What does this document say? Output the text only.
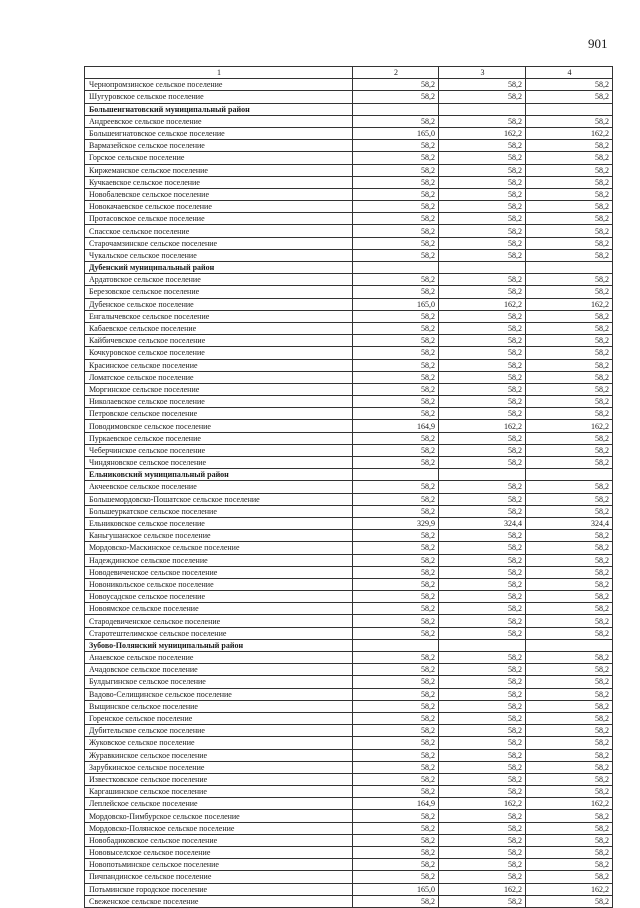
901
1	2	3	4
Чернопромзинское сельское поселение	58,2	58,2	58,2
Шугуровское сельское поселение	58,2	58,2	58,2
Большеигнатовский муниципальный район			
Андреевское сельское поселение	58,2	58,2	58,2
Большеигнатовское сельское поселение	165,0	162,2	162,2
Вармазейское сельское поселение	58,2	58,2	58,2
Горское сельское поселение	58,2	58,2	58,2
Киржеманское сельское поселение	58,2	58,2	58,2
Кучкаевское сельское поселение	58,2	58,2	58,2
Новобалевское сельское поселение	58,2	58,2	58,2
Новокачаевское сельское поселение	58,2	58,2	58,2
Протасовское сельское поселение	58,2	58,2	58,2
Спасское сельское поселение	58,2	58,2	58,2
Старочамзинское сельское поселение	58,2	58,2	58,2
Чукальское сельское поселение	58,2	58,2	58,2
Дубенский муниципальный район			
Ардатовское сельское поселение	58,2	58,2	58,2
Березовское сельское поселение	58,2	58,2	58,2
Дубенское сельское поселение	165,0	162,2	162,2
Енгалычевское сельское поселение	58,2	58,2	58,2
Кабаевское сельское поселение	58,2	58,2	58,2
Кайбичевское сельское поселение	58,2	58,2	58,2
Кочкуровское сельское поселение	58,2	58,2	58,2
Красинское сельское поселение	58,2	58,2	58,2
Ломатское сельское поселение	58,2	58,2	58,2
Моргинское сельское поселение	58,2	58,2	58,2
Николаевское сельское поселение	58,2	58,2	58,2
Петровское сельское поселение	58,2	58,2	58,2
Поводимовское сельское поселение	164,9	162,2	162,2
Пуркаевское сельское поселение	58,2	58,2	58,2
Чеберчинское сельское поселение	58,2	58,2	58,2
Чиндяновское сельское поселение	58,2	58,2	58,2
Ельниковский муниципальный район			
Акчеевское сельское поселение	58,2	58,2	58,2
Большемордовско-Пошатское сельское поселение	58,2	58,2	58,2
Большеуркатское сельское поселение	58,2	58,2	58,2
Ельниковское сельское поселение	329,9	324,4	324,4
Каньгушанское сельское поселение	58,2	58,2	58,2
Мордовско-Маскинское сельское поселение	58,2	58,2	58,2
Надеждинское сельское поселение	58,2	58,2	58,2
Новодевиченское сельское поселение	58,2	58,2	58,2
Новоникольское сельское поселение	58,2	58,2	58,2
Новоусадское сельское поселение	58,2	58,2	58,2
Новоямское сельское поселение	58,2	58,2	58,2
Стародевиченское сельское поселение	58,2	58,2	58,2
Старотештелимское сельское поселение	58,2	58,2	58,2
Зубово-Полянский муниципальный район			
Анаевское сельское поселение	58,2	58,2	58,2
Ачадовское сельское поселение	58,2	58,2	58,2
Булдыгинское сельское поселение	58,2	58,2	58,2
Вадово-Селищинское сельское поселение	58,2	58,2	58,2
Выщинское сельское поселение	58,2	58,2	58,2
Горенское сельское поселение	58,2	58,2	58,2
Дубительское сельское поселение	58,2	58,2	58,2
Жуковское сельское поселение	58,2	58,2	58,2
Журавкинское сельское поселение	58,2	58,2	58,2
Зарубкинское сельское поселение	58,2	58,2	58,2
Известковское сельское поселение	58,2	58,2	58,2
Каргашинское сельское поселение	58,2	58,2	58,2
Леплейское сельское поселение	164,9	162,2	162,2
Мордовско-Пимбурское сельское поселение	58,2	58,2	58,2
Мордовско-Полянское сельское поселение	58,2	58,2	58,2
Новобадиковское сельское поселение	58,2	58,2	58,2
Нововыселское сельское поселение	58,2	58,2	58,2
Новопотьминское сельское поселение	58,2	58,2	58,2
Пичпандинское сельское поселение	58,2	58,2	58,2
Потьминское городское поселение	165,0	162,2	162,2
Свеженское сельское поселение	58,2	58,2	58,2
